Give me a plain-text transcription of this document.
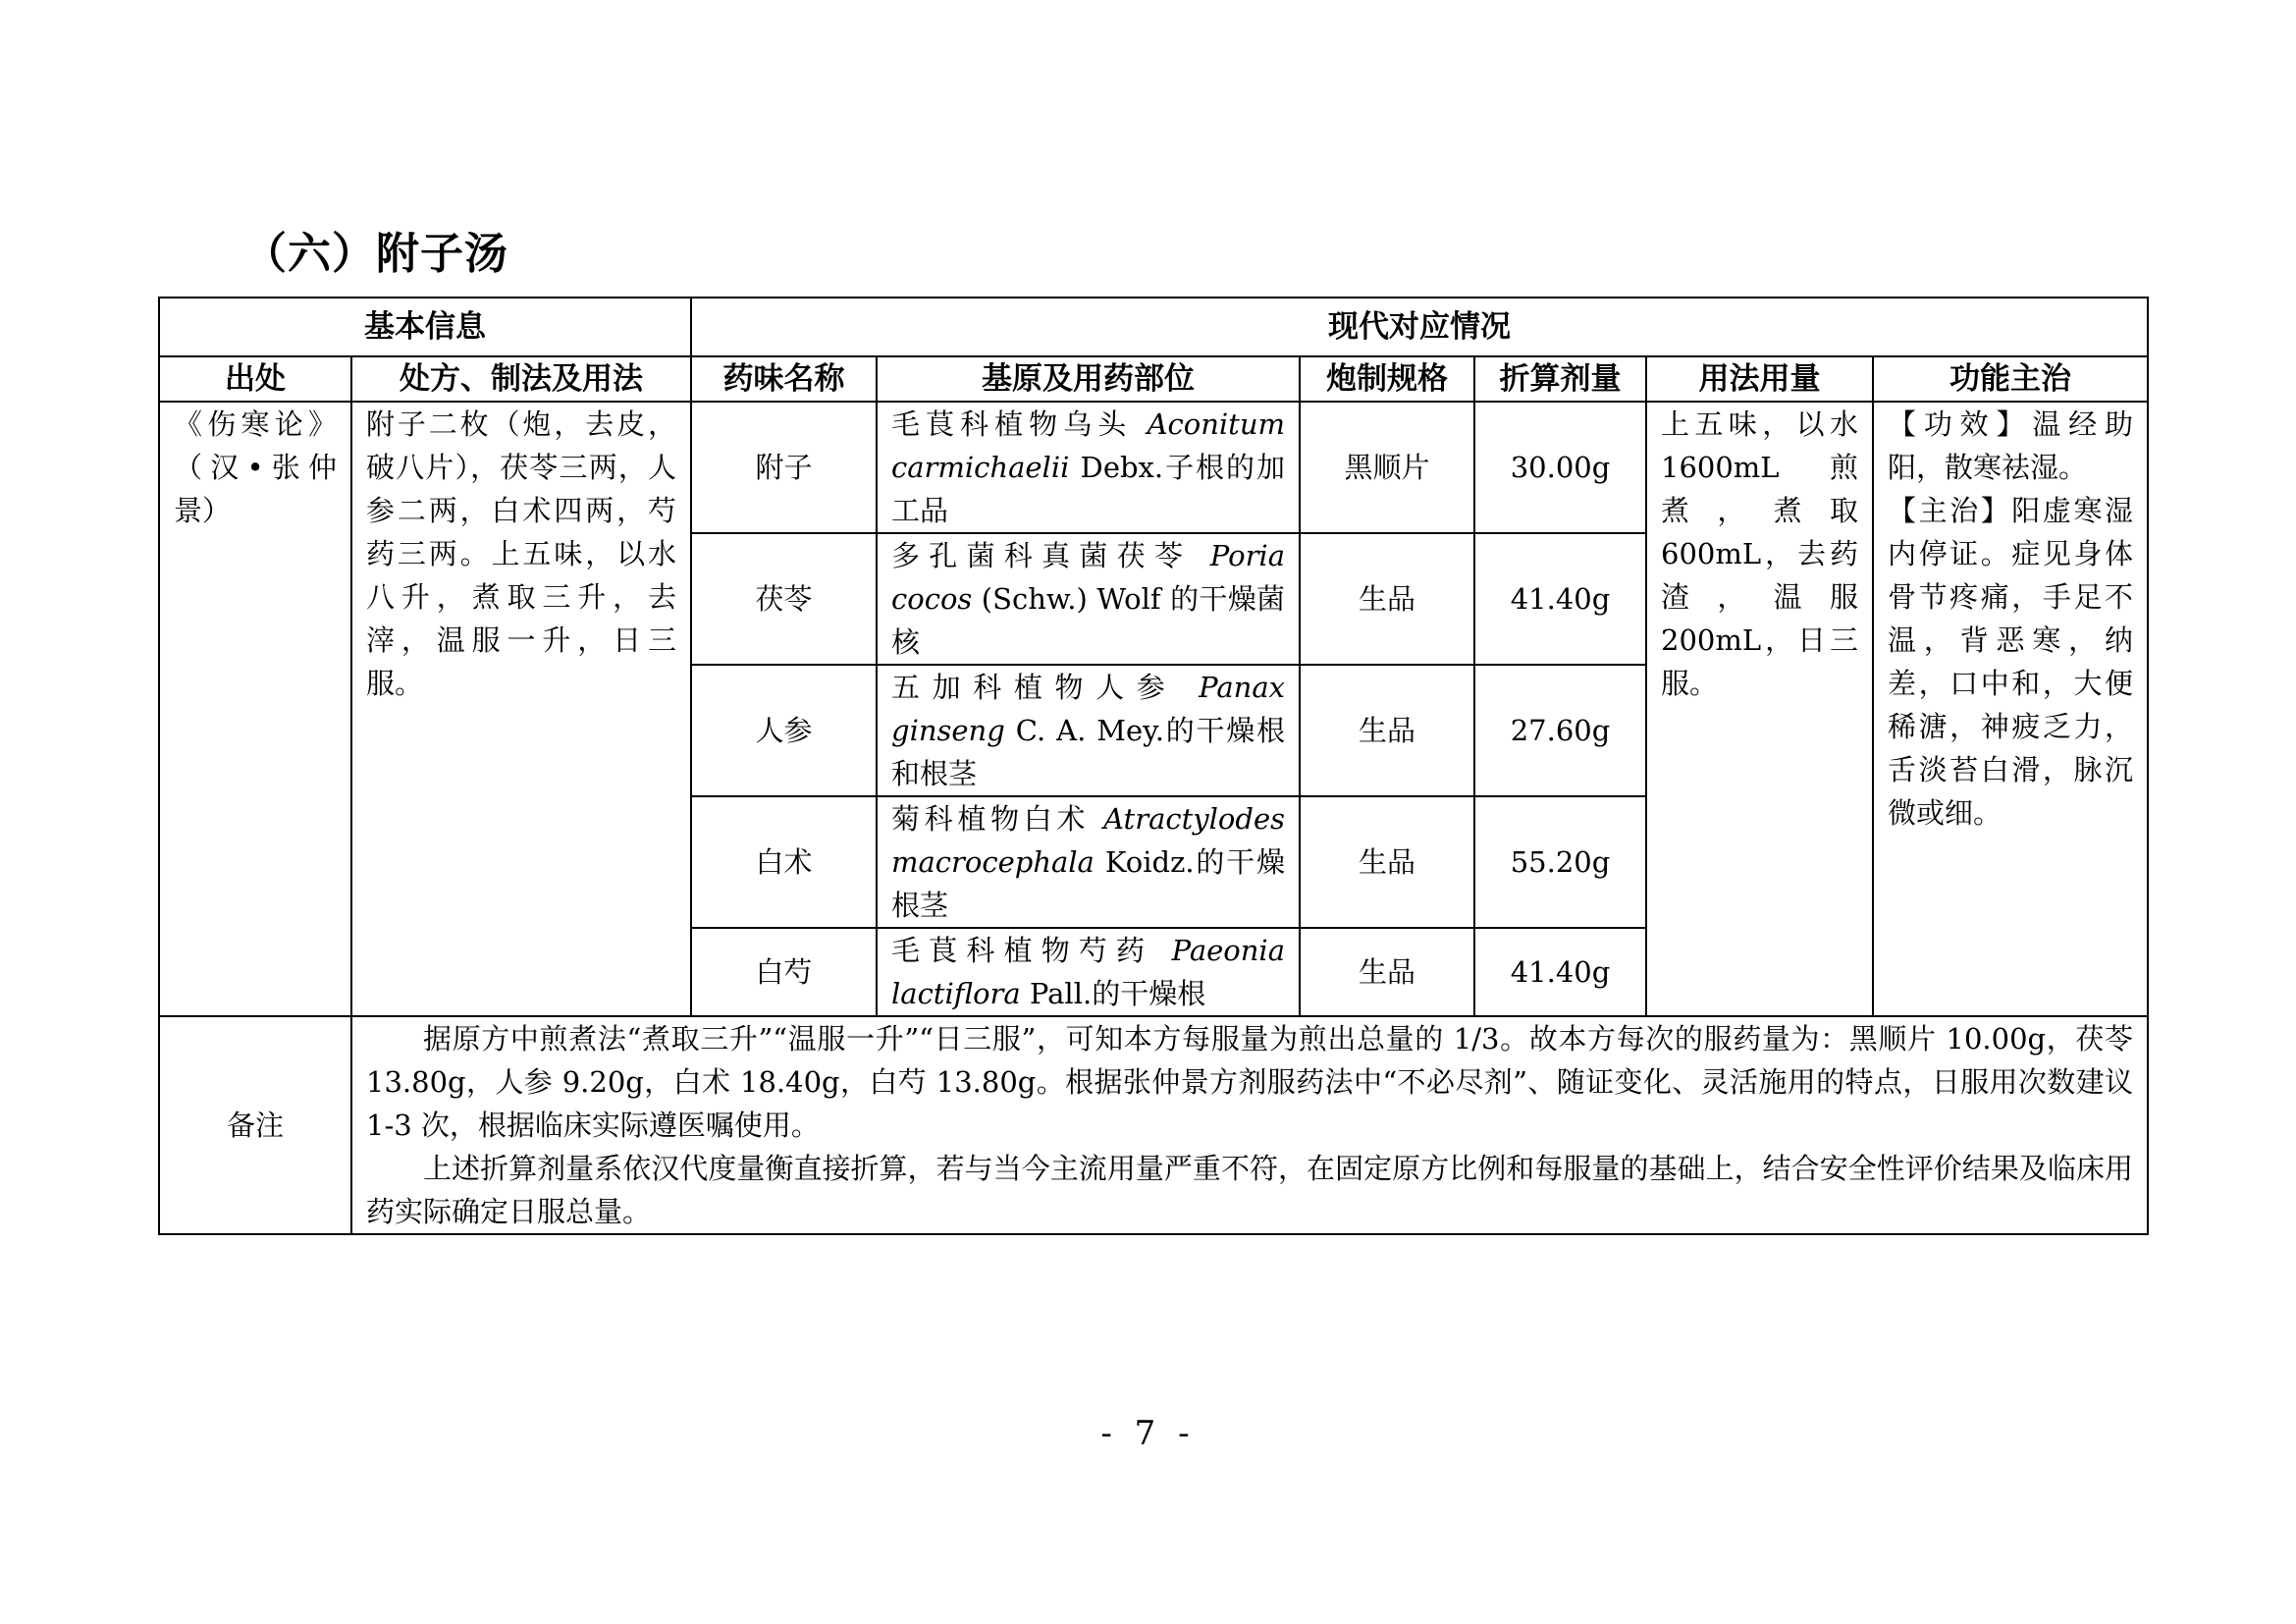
（六）附子汤
基本信息		现代对应情况					
出处	处方、制法及用法	药味名称	基原及用药部位	炮制规格	折算剂量	用法用量	功能主治
《伤寒论》（汉•张仲景）	附子二枚（炮，去皮，破八片），茯苓三两，人参二两，白术四两，芍药三两。上五味，以水八升，煮取三升，去滓，温服一升，日三服。	附子	毛茛科植物乌头 Aconitum carmichaelii Debx.子根的加工品	黑顺片	30.00g	上五味，以水1600mL 煎煮，煮取 600mL，去药渣，温服200mL，日三服。	【功效】温经助阳，散寒祛湿。
【主治】阳虚寒湿内停证。症见身体骨节疼痛，手足不温，背恶寒，纳差，口中和，大便稀溏，神疲乏力，舌淡苔白滑，脉沉微或细。

		茯苓	多孔菌科真菌茯苓 Poria cocos (Schw.) Wolf 的干燥菌核	生品	41.40g		
		人参	五加科植物人参 Panax ginseng C. A. Mey.的干燥根和根茎	生品	27.60g		
		白术	菊科植物白术 Atractylodes macrocephala Koidz.的干燥根茎	生品	55.20g		
		白芍	毛茛科植物芍药 Paeonia lactiflora Pall.的干燥根	生品	41.40g		
备注	据原方中煎煮法“煮取三升”“温服一升”“日三服”，可知本方每服量为煎出总量的 1/3。故本方每次的服药量为：黑顺片 10.00g，茯苓 13.80g，人参 9.20g，白术 18.40g，白芍 13.80g。根据张仲景方剂服药法中“不必尽剂”、随证变化、灵活施用的特点，日服用次数建议 1-3 次，根据临床实际遵医嘱使用。

上述折算剂量系依汉代度量衡直接折算，若与当今主流用量严重不符，在固定原方比例和每服量的基础上，结合安全性评价结果及临床用药实际确定日服总量。						

- 7 -
